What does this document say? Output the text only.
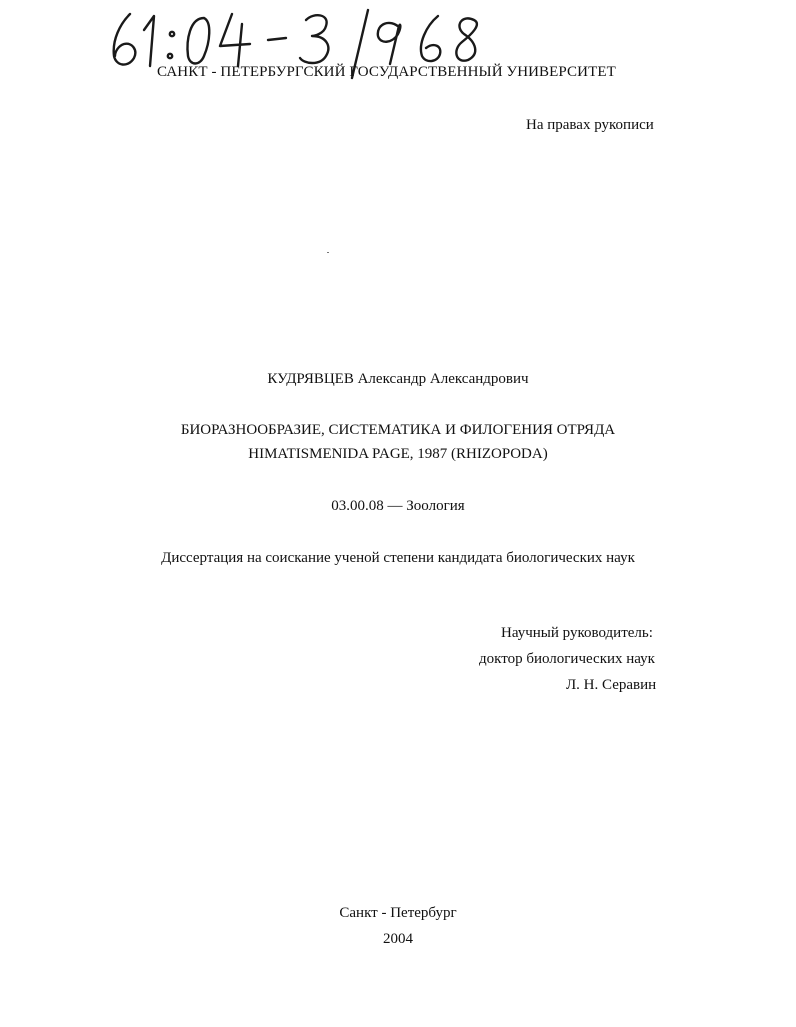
САНКТ - ПЕТЕРБУРГСКИЙ ГОСУДАРСТВЕННЫЙ УНИВЕРСИТЕТ
На правах рукописи
КУДРЯВЦЕВ Александр Александрович
БИОРАЗНООБРАЗИЕ, СИСТЕМАТИКА И ФИЛОГЕНИЯ ОТРЯДА
HIMATISMENIDA PAGE, 1987 (RHIZOPODA)
03.00.08 — Зоология
Диссертация на соискание ученой степени кандидата биологических наук
Научный руководитель:
доктор биологических наук
Л. Н. Серавин
Санкт - Петербург
2004
